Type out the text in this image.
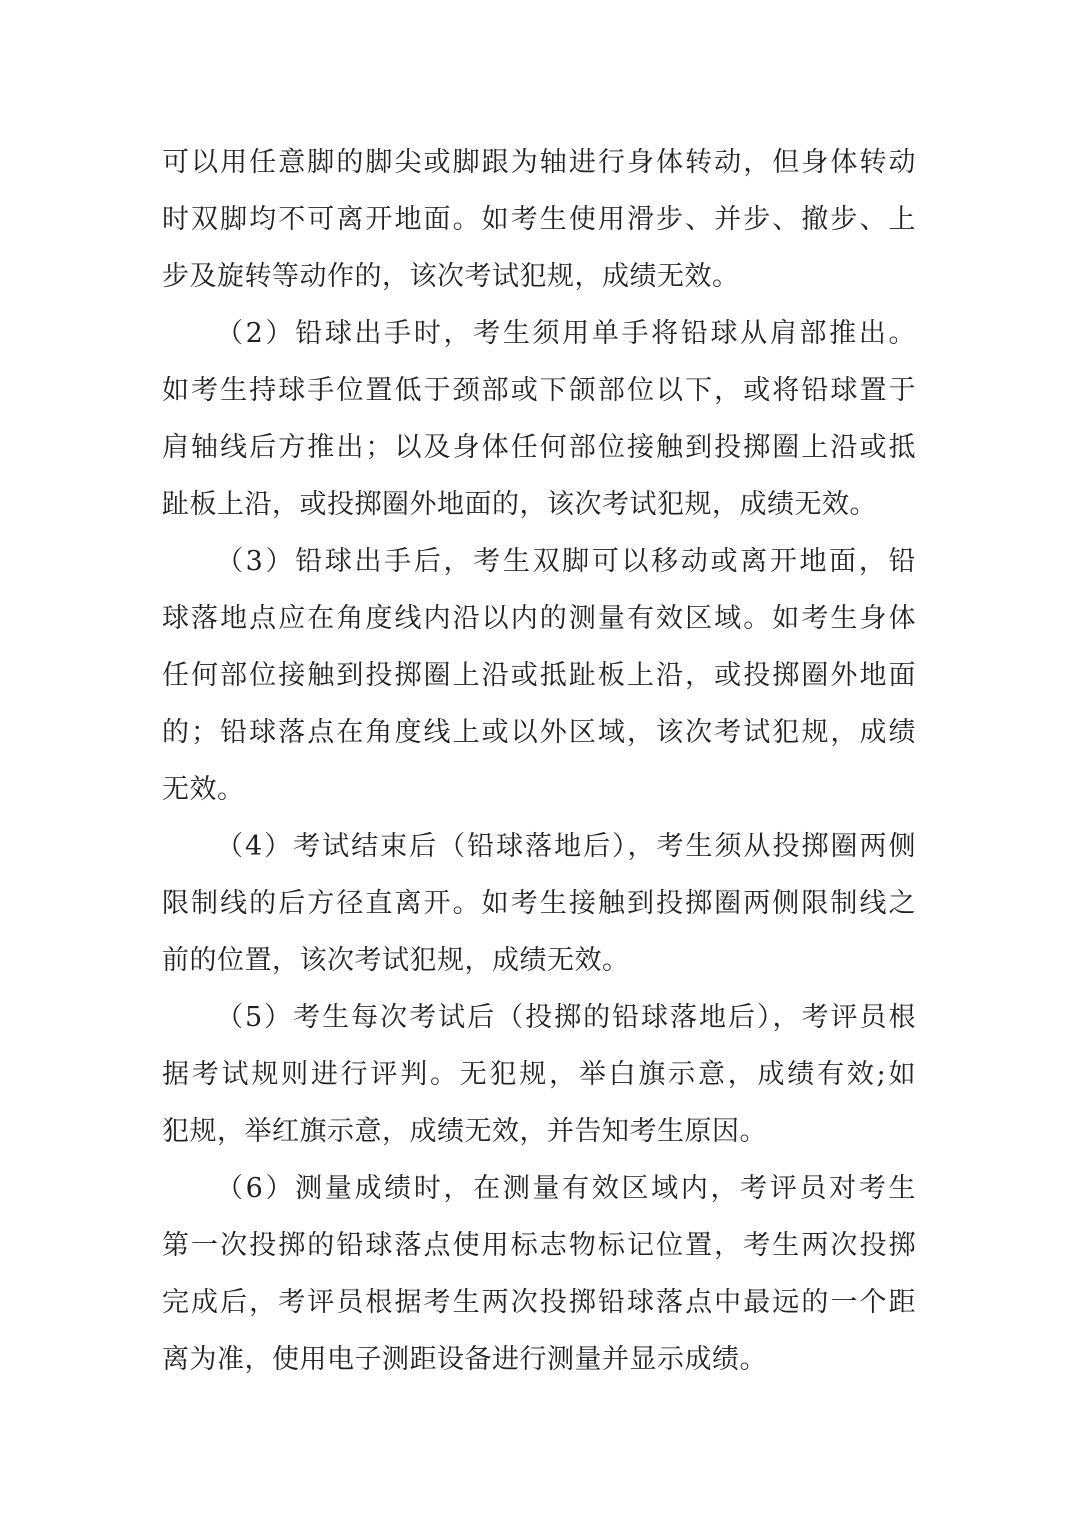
可以用任意脚的脚尖或脚跟为轴进行身体转动，但身体转动
时双脚均不可离开地面。如考生使用滑步、并步、撤步、上
步及旋转等动作的，该次考试犯规，成绩无效。
（2）铅球出手时，考生须用单手将铅球从肩部推出。
如考生持球手位置低于颈部或下颌部位以下，或将铅球置于
肩轴线后方推出；以及身体任何部位接触到投掷圈上沿或抵
趾板上沿，或投掷圈外地面的，该次考试犯规，成绩无效。
（3）铅球出手后，考生双脚可以移动或离开地面，铅
球落地点应在角度线内沿以内的测量有效区域。如考生身体
任何部位接触到投掷圈上沿或抵趾板上沿，或投掷圈外地面
的；铅球落点在角度线上或以外区域，该次考试犯规，成绩
无效。
（4）考试结束后（铅球落地后），考生须从投掷圈两侧
限制线的后方径直离开。如考生接触到投掷圈两侧限制线之
前的位置，该次考试犯规，成绩无效。
（5）考生每次考试后（投掷的铅球落地后），考评员根
据考试规则进行评判。无犯规，举白旗示意，成绩有效;如
犯规，举红旗示意，成绩无效，并告知考生原因。
（6）测量成绩时，在测量有效区域内，考评员对考生
第一次投掷的铅球落点使用标志物标记位置，考生两次投掷
完成后，考评员根据考生两次投掷铅球落点中最远的一个距
离为准，使用电子测距设备进行测量并显示成绩。
